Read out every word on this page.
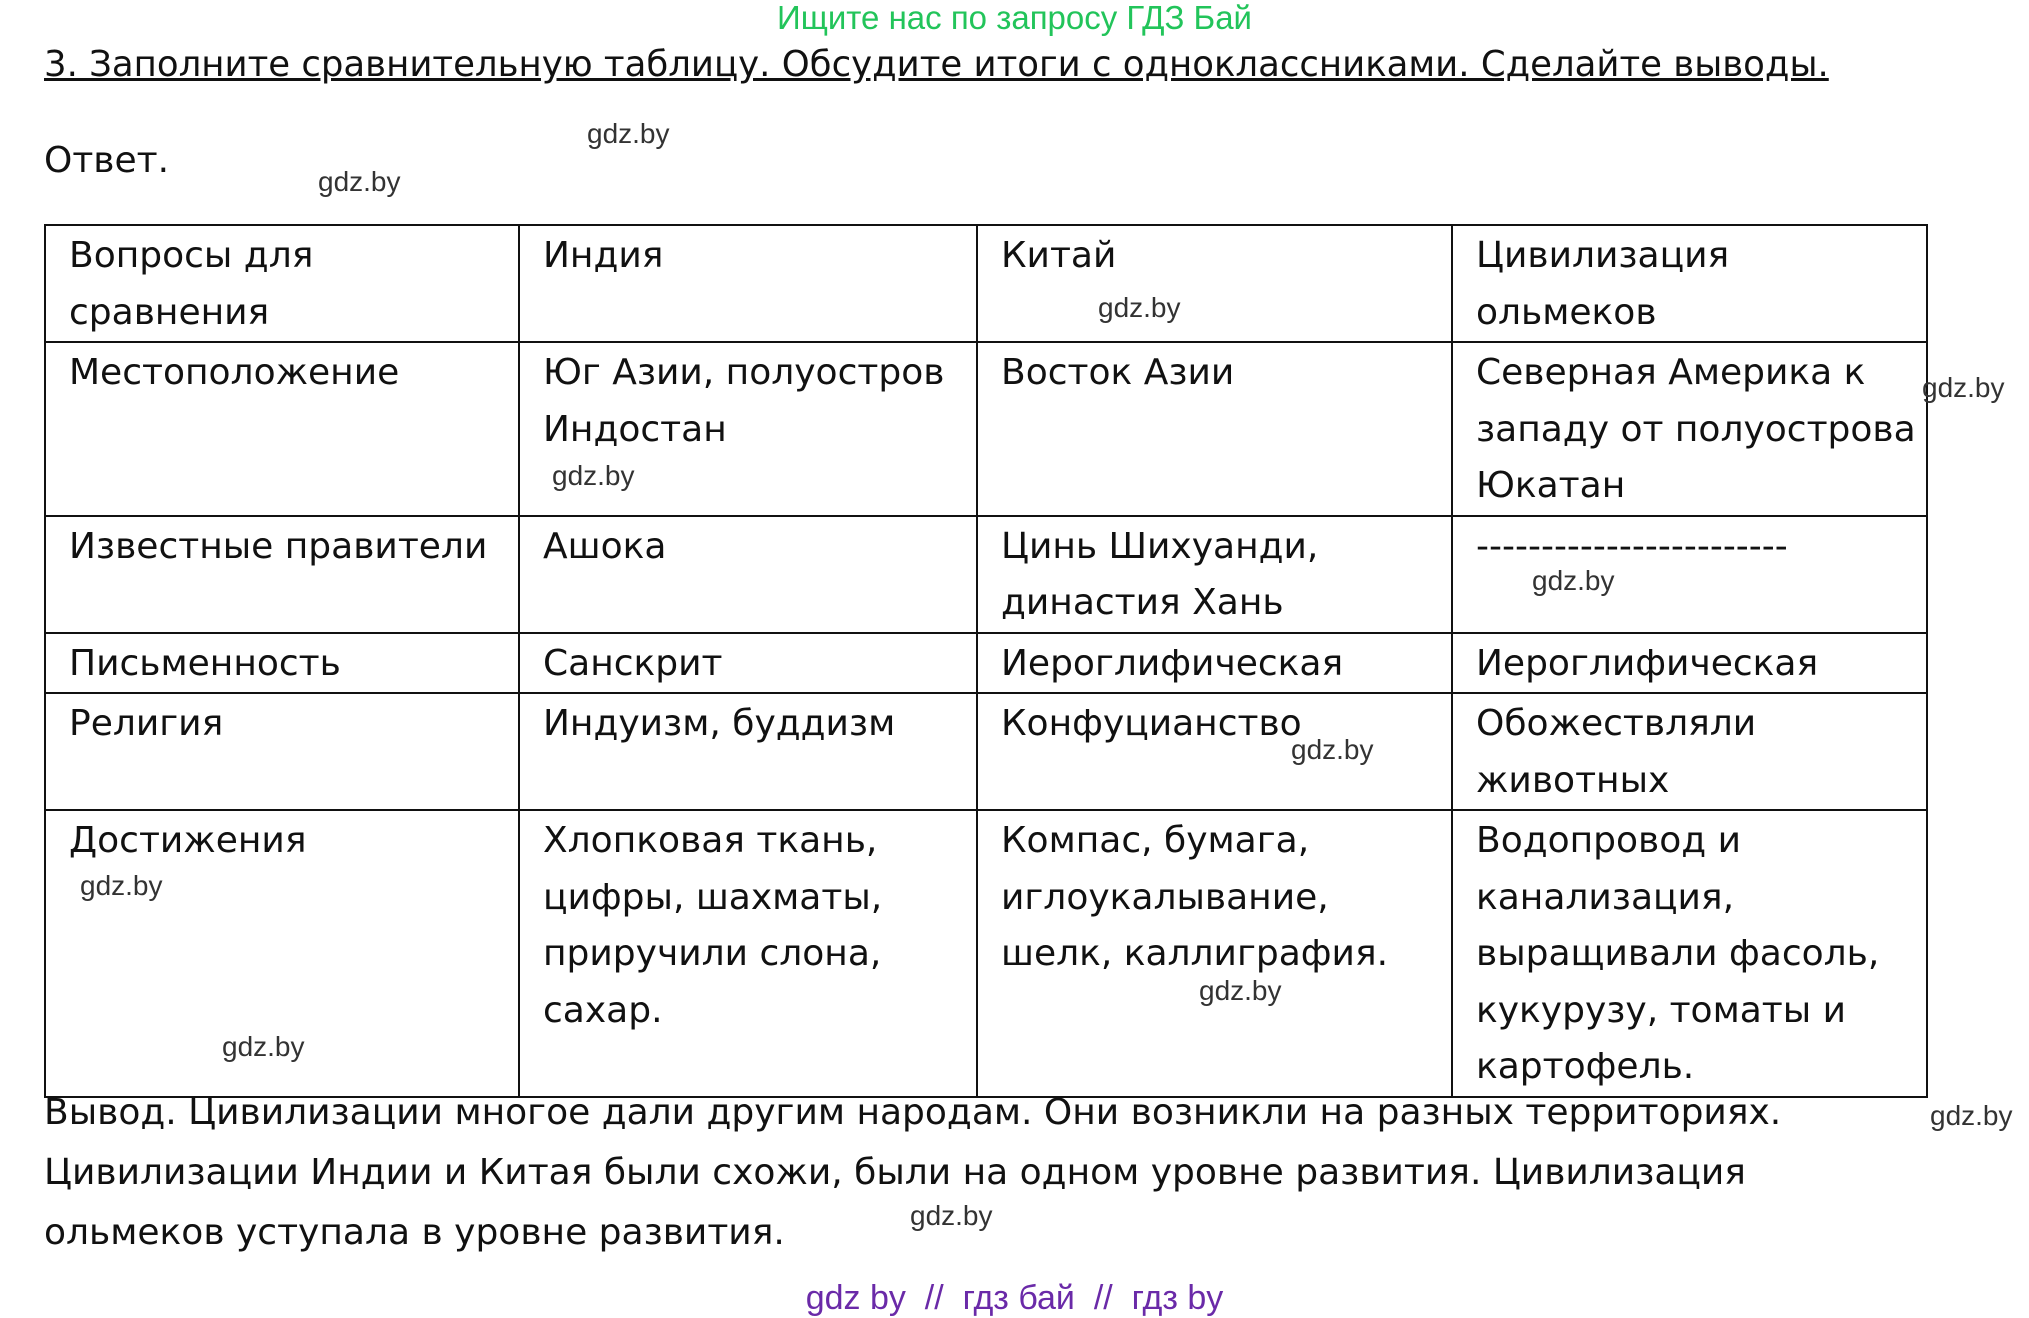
Ищите нас по запросу ГДЗ Бай
3. Заполните сравнительную таблицу. Обсудите итоги с одноклассниками. Сделайте выводы.
Ответ.
Вопросы для сравнения	Индия	Китай	Цивилизация ольмеков
Местоположение	Юг Азии, полуостров Индостан	Восток Азии	Северная Америка к западу от полуострова Юкатан
Известные правители	Ашока	Цинь Шихуанди, династия Хань	------------------------
Письменность	Санскрит	Иероглифическая	Иероглифическая
Религия	Индуизм, буддизм	Конфуцианство	Обожествляли животных
Достижения	Хлопковая ткань, цифры, шахматы, приручили слона, сахар.	Компас, бумага, иглоукалывание, шелк, каллиграфия.	Водопровод и канализация, выращивали фасоль, кукурузу, томаты и картофель.
Вывод. Цивилизации многое дали другим народам. Они возникли на разных территориях. Цивилизации Индии и Китая были схожи, были на одном уровне развития. Цивилизация ольмеков уступала в уровне развития.
gdz.by
gdz.by
gdz.by
gdz.by
gdz.by
gdz.by
gdz.by
gdz.by
gdz.by
gdz.by
gdz.by
gdz.by
gdz by  //  гдз бай  //  гдз by
